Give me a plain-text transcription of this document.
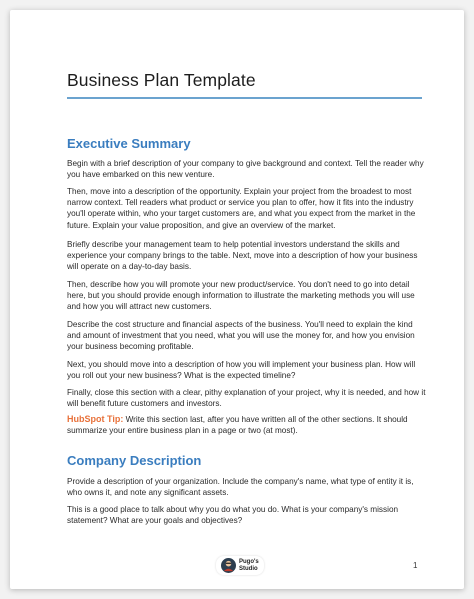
Business Plan Template
Executive Summary

Begin with a brief description of your company to give background and context. Tell the reader why you have embarked on this new venture.

Then, move into a description of the opportunity. Explain your project from the broadest to most narrow context. Tell readers what product or service you plan to offer, how it fits into the industry you'll operate within, who your target customers are, and what you expect from the market in the future. Explain your value proposition, and give an overview of the market.

Briefly describe your management team to help potential investors understand the skills and experience your company brings to the table. Next, move into a description of how your business will operate on a day-to-day basis.

Then, describe how you will promote your new product/service. You don't need to go into detail here, but you should provide enough information to illustrate the marketing methods you will use and how you will attract new customers.

Describe the cost structure and financial aspects of the business. You'll need to explain the kind and amount of investment that you need, what you will use the money for, and how you envision your business becoming profitable.

Next, you should move into a description of how you will implement your business plan. How will you roll out your new business? What is the expected timeline?

Finally, close this section with a clear, pithy explanation of your project, why it is needed, and how it will benefit future customers and investors.

HubSpot Tip: Write this section last, after you have written all of the other sections. It should summarize your entire business plan in a page or two (at most).

Company Description

Provide a description of your organization. Include the company's name, what type of entity it is, who owns it, and note any significant assets.

This is a good place to talk about why you do what you do. What is your company's mission statement? What are your goals and objectives?

1
Pugo's
Studio
